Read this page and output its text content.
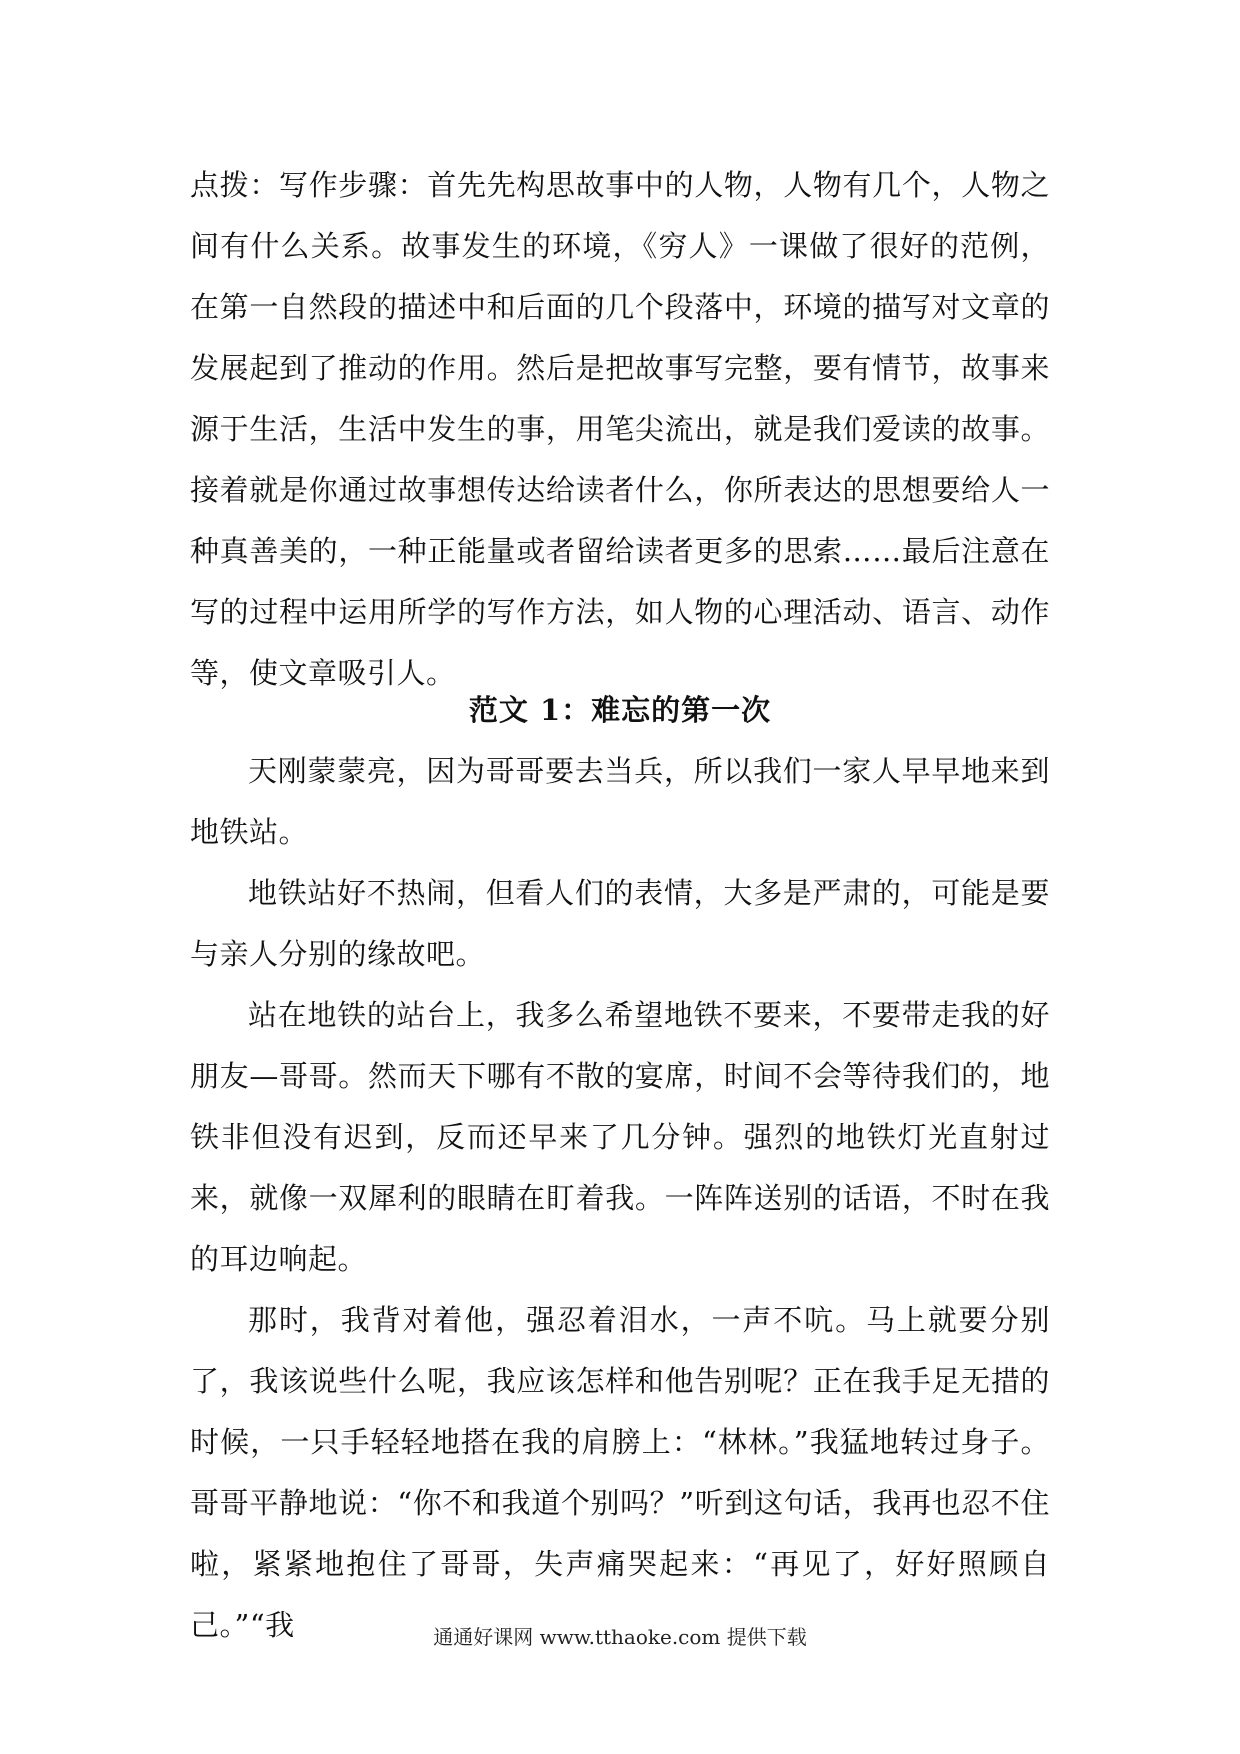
点拨：写作步骤：首先先构思故事中的人物，人物有几个，人物之间有什么关系。故事发生的环境，《穷人》一课做了很好的范例，在第一自然段的描述中和后面的几个段落中，环境的描写对文章的发展起到了推动的作用。然后是把故事写完整，要有情节，故事来源于生活，生活中发生的事，用笔尖流出，就是我们爱读的故事。接着就是你通过故事想传达给读者什么，你所表达的思想要给人一种真善美的，一种正能量或者留给读者更多的思索……最后注意在写的过程中运用所学的写作方法，如人物的心理活动、语言、动作等，使文章吸引人。

范文 1：难忘的第一次

天刚蒙蒙亮，因为哥哥要去当兵，所以我们一家人早早地来到地铁站。

地铁站好不热闹，但看人们的表情，大多是严肃的，可能是要与亲人分别的缘故吧。

站在地铁的站台上，我多么希望地铁不要来，不要带走我的好朋友—哥哥。然而天下哪有不散的宴席，时间不会等待我们的，地铁非但没有迟到，反而还早来了几分钟。强烈的地铁灯光直射过来，就像一双犀利的眼睛在盯着我。一阵阵送别的话语，不时在我的耳边响起。

那时，我背对着他，强忍着泪水，一声不吭。马上就要分别了，我该说些什么呢，我应该怎样和他告别呢？正在我手足无措的时候，一只手轻轻地搭在我的肩膀上：“林林。”我猛地转过身子。哥哥平静地说：“你不和我道个别吗？”听到这句话，我再也忍不住啦，紧紧地抱住了哥哥，失声痛哭起来：“再见了，好好照顾自己。”“我	通通好课网 www.tthaoke.com 提供下载
